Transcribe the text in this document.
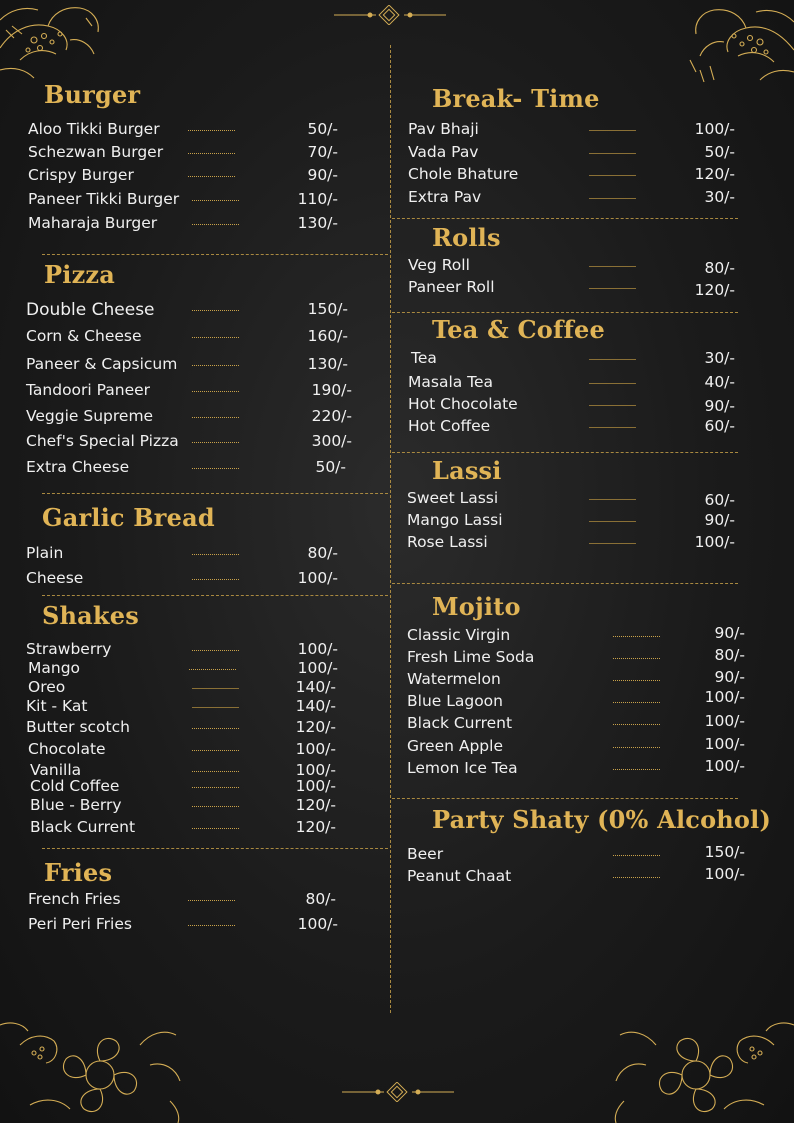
Burger
Aloo Tikki Burger	50/-
Schezwan Burger	70/-
Crispy Burger	90/-
Paneer Tikki Burger	110/-
Maharaja Burger	130/-
Pizza
Double Cheese	150/-
Corn & Cheese	160/-
Paneer & Capsicum	130/-
Tandoori Paneer	190/-
Veggie Supreme	220/-
Chef's Special Pizza	300/-
Extra Cheese	50/-
Garlic Bread
Plain	80/-
Cheese	100/-
Shakes
Strawberry	100/-
Mango	100/-
Oreo	140/-
Kit - Kat	140/-
Butter scotch	120/-
Chocolate	100/-
Vanilla	100/-
Cold Coffee	100/-
Blue - Berry	120/-
Black Current	120/-
Fries
French Fries	80/-
Peri Peri Fries	100/-
Break- Time
Pav Bhaji	100/-
Vada Pav	50/-
Chole Bhature	120/-
Extra Pav	30/-
Rolls
Veg Roll	80/-
Paneer Roll	120/-
Tea & Coffee
Tea	30/-
Masala Tea	40/-
Hot Chocolate	90/-
Hot Coffee	60/-
Lassi
Sweet Lassi	60/-
Mango Lassi	90/-
Rose Lassi	100/-
Mojito
Classic Virgin	90/-
Fresh Lime Soda	80/-
Watermelon	90/-
Blue Lagoon	100/-
Black Current	100/-
Green Apple	100/-
Lemon Ice Tea	100/-
Party Shaty (0% Alcohol)
Beer	150/-
Peanut Chaat	100/-
